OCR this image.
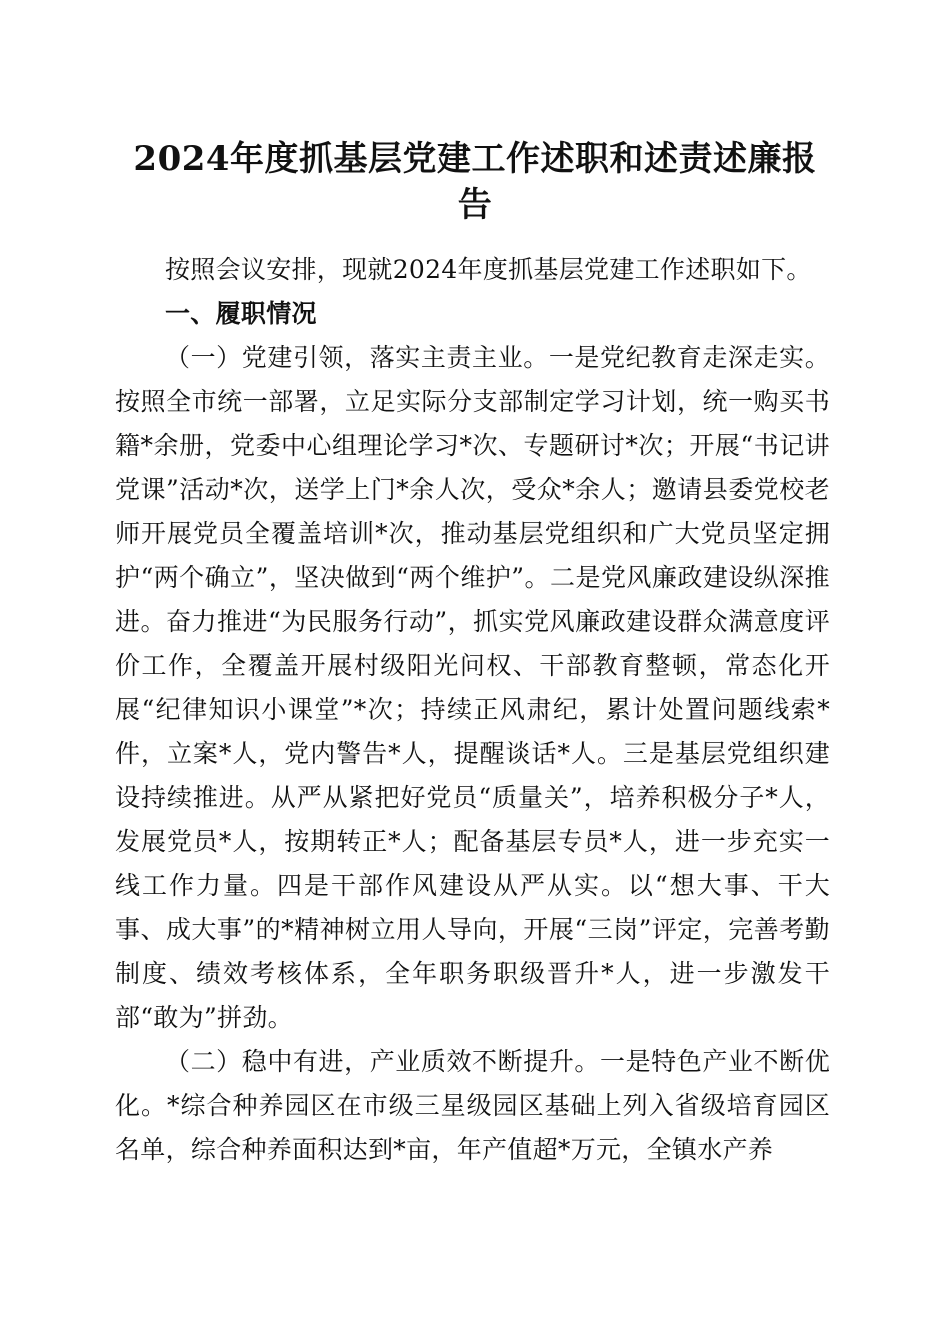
2024年度抓基层党建工作述职和述责述廉报告

按照会议安排，现就2024年度抓基层党建工作述职如下。

一、履职情况

（一）党建引领，落实主责主业。一是党纪教育走深走实。按照全市统一部署，立足实际分支部制定学习计划，统一购买书籍*余册，党委中心组理论学习*次、专题研讨*次；开展“书记讲党课”活动*次，送学上门*余人次，受众*余人；邀请县委党校老师开展党员全覆盖培训*次，推动基层党组织和广大党员坚定拥护“两个确立”，坚决做到“两个维护”。二是党风廉政建设纵深推进。奋力推进“为民服务行动”，抓实党风廉政建设群众满意度评价工作，全覆盖开展村级阳光问权、干部教育整顿，常态化开展“纪律知识小课堂”*次；持续正风肃纪，累计处置问题线索*件，立案*人，党内警告*人，提醒谈话*人。三是基层党组织建设持续推进。从严从紧把好党员“质量关”，培养积极分子*人，发展党员*人，按期转正*人；配备基层专员*人，进一步充实一线工作力量。四是干部作风建设从严从实。以“想大事、干大事、成大事”的*精神树立用人导向，开展“三岗”评定，完善考勤制度、绩效考核体系，全年职务职级晋升*人，进一步激发干部“敢为”拼劲。

（二）稳中有进，产业质效不断提升。一是特色产业不断优化。*综合种养园区在市级三星级园区基础上列入省级培育园区名单，综合种养面积达到*亩，年产值超*万元，全镇水产养
